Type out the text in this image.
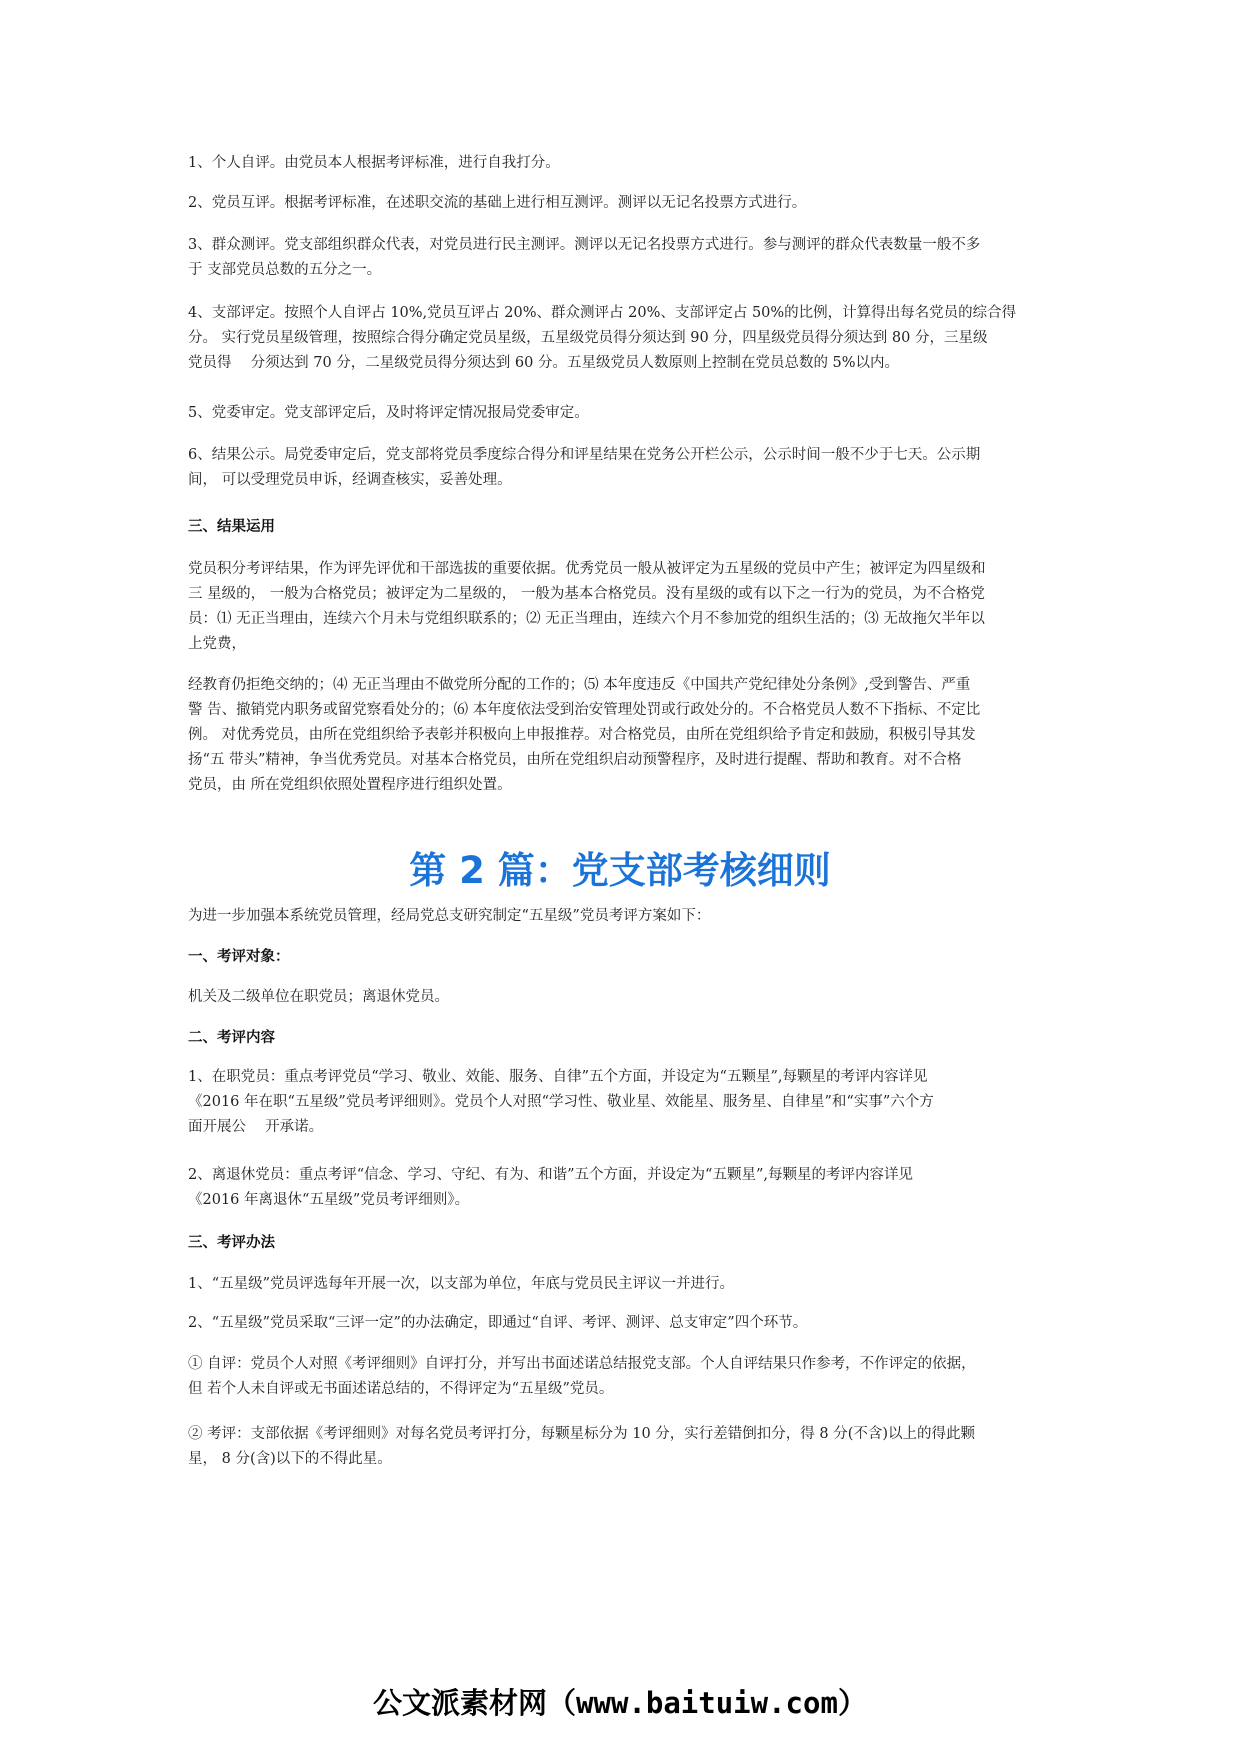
1、个人自评。由党员本人根据考评标准，进行自我打分。

2、党员互评。根据考评标准，在述职交流的基础上进行相互测评。测评以无记名投票方式进行。

3、群众测评。党支部组织群众代表，对党员进行民主测评。测评以无记名投票方式进行。参与测评的群众代表数量一般不多
于 支部党员总数的五分之一。

4、支部评定。按照个人自评占 10%,党员互评占 20%、群众测评占 20%、支部评定占 50%的比例，计算得出每名党员的综合得
分。 实行党员星级管理，按照综合得分确定党员星级，五星级党员得分须达到 90 分，四星级党员得分须达到 80 分，三星级
党员得　 分须达到 70 分，二星级党员得分须达到 60 分。五星级党员人数原则上控制在党员总数的 5%以内。

5、党委审定。党支部评定后，及时将评定情况报局党委审定。

6、结果公示。局党委审定后，党支部将党员季度综合得分和评星结果在党务公开栏公示，公示时间一般不少于七天。公示期
间， 可以受理党员申诉，经调查核实，妥善处理。

三、结果运用

党员积分考评结果，作为评先评优和干部选拔的重要依据。优秀党员一般从被评定为五星级的党员中产生；被评定为四星级和
三 星级的， 一般为合格党员；被评定为二星级的， 一般为基本合格党员。没有星级的或有以下之一行为的党员，为不合格党
员：⑴ 无正当理由，连续六个月未与党组织联系的；⑵ 无正当理由，连续六个月不参加党的组织生活的；⑶ 无故拖欠半年以
上党费，

经教育仍拒绝交纳的；⑷ 无正当理由不做党所分配的工作的；⑸ 本年度违反《中国共产党纪律处分条例》,受到警告、严重
警 告、撤销党内职务或留党察看处分的；⑹ 本年度依法受到治安管理处罚或行政处分的。不合格党员人数不下指标、不定比
例。 对优秀党员，由所在党组织给予表彰并积极向上申报推荐。对合格党员，由所在党组织给予肯定和鼓励，积极引导其发
扬“五 带头”精神，争当优秀党员。对基本合格党员，由所在党组织启动预警程序，及时进行提醒、帮助和教育。对不合格
党员，由 所在党组织依照处置程序进行组织处置。

第 2 篇：党支部考核细则

为进一步加强本系统党员管理，经局党总支研究制定“五星级”党员考评方案如下：

一、考评对象：

机关及二级单位在职党员；离退休党员。

二、考评内容

1、在职党员：重点考评党员“学习、敬业、效能、服务、自律”五个方面，并设定为“五颗星”,每颗星的考评内容详见
《2016 年在职“五星级”党员考评细则》。党员个人对照“学习性、敬业星、效能星、服务星、自律星”和“实事”六个方
面开展公　 开承诺。

2、离退休党员：重点考评“信念、学习、守纪、有为、和谐”五个方面，并设定为“五颗星”,每颗星的考评内容详见
《2016 年离退休“五星级”党员考评细则》。

三、考评办法

1、“五星级”党员评选每年开展一次，以支部为单位，年底与党员民主评议一并进行。

2、“五星级”党员采取“三评一定”的办法确定，即通过“自评、考评、测评、总支审定”四个环节。

① 自评：党员个人对照《考评细则》自评打分，并写出书面述诺总结报党支部。个人自评结果只作参考，不作评定的依据，
但 若个人未自评或无书面述诺总结的，不得评定为“五星级”党员。

② 考评：支部依据《考评细则》对每名党员考评打分，每颗星标分为 10 分，实行差错倒扣分，得 8 分(不含)以上的得此颗
星， 8 分(含)以下的不得此星。

公文派素材网（www.baituiw.com）
